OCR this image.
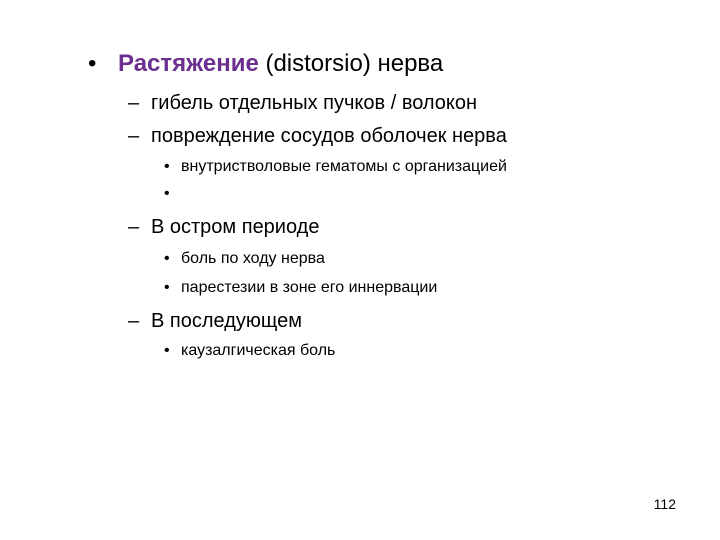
• Растяжение (distorsio) нерва
– гибель отдельных пучков / волокон
– повреждение сосудов оболочек нерва
• внутристволовые гематомы с организацией
•
– В остром периоде
• боль по ходу нерва
• парестезии в зоне его иннервации
– В последующем
• каузалгическая боль
112
